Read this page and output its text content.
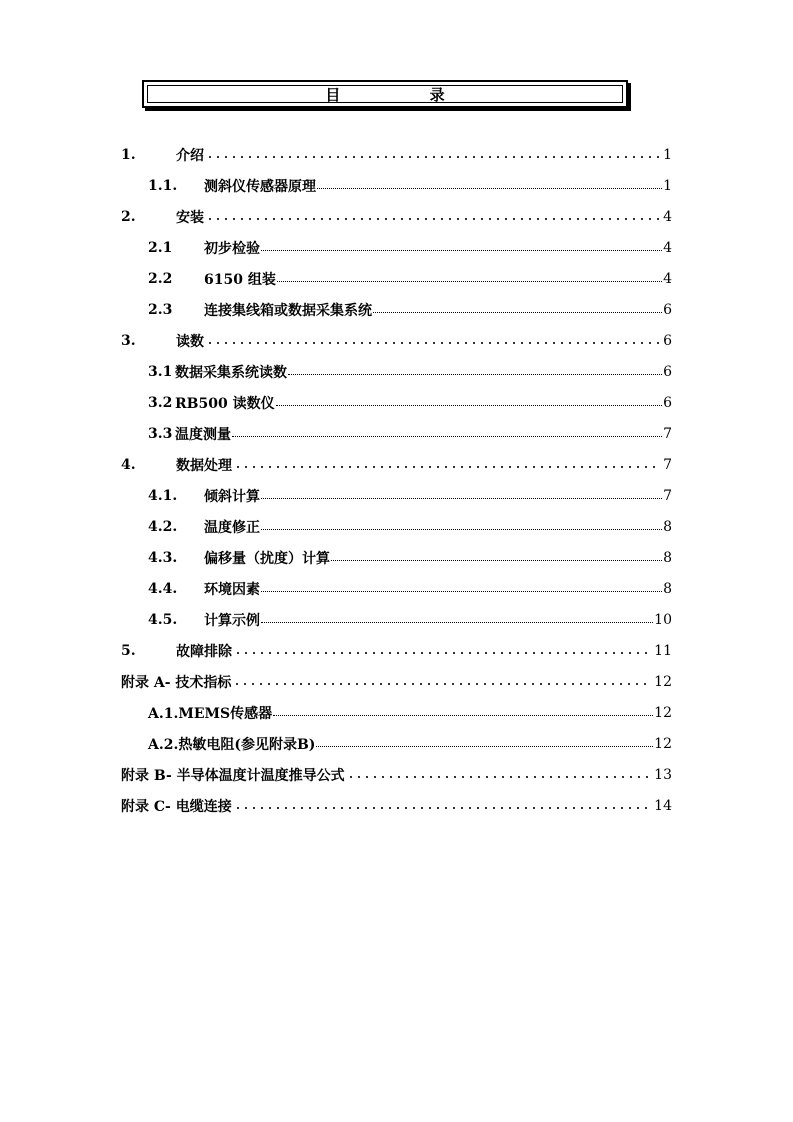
目 录
1.	介绍	1
1.1.	测斜仪传感器原理	1
2.	安装	4
2.1	初步检验	4
2.2	6150 组装	4
2.3	连接集线箱或数据采集系统	6
3.	读数	6
3.1 数据采集系统读数	6
3.2 RB500 读数仪	6
3.3 温度测量	7
4.	数据处理	7
4.1.	倾斜计算	7
4.2.	温度修正	8
4.3.	偏移量（扰度）计算	8
4.4.	环境因素	8
4.5.	计算示例	10
5.	故障排除	11
附录 A- 技术指标	12
A.1.MEMS传感器	12
A.2.热敏电阻(参见附录B)	12
附录 B- 半导体温度计温度推导公式	13
附录 C- 电缆连接	14
